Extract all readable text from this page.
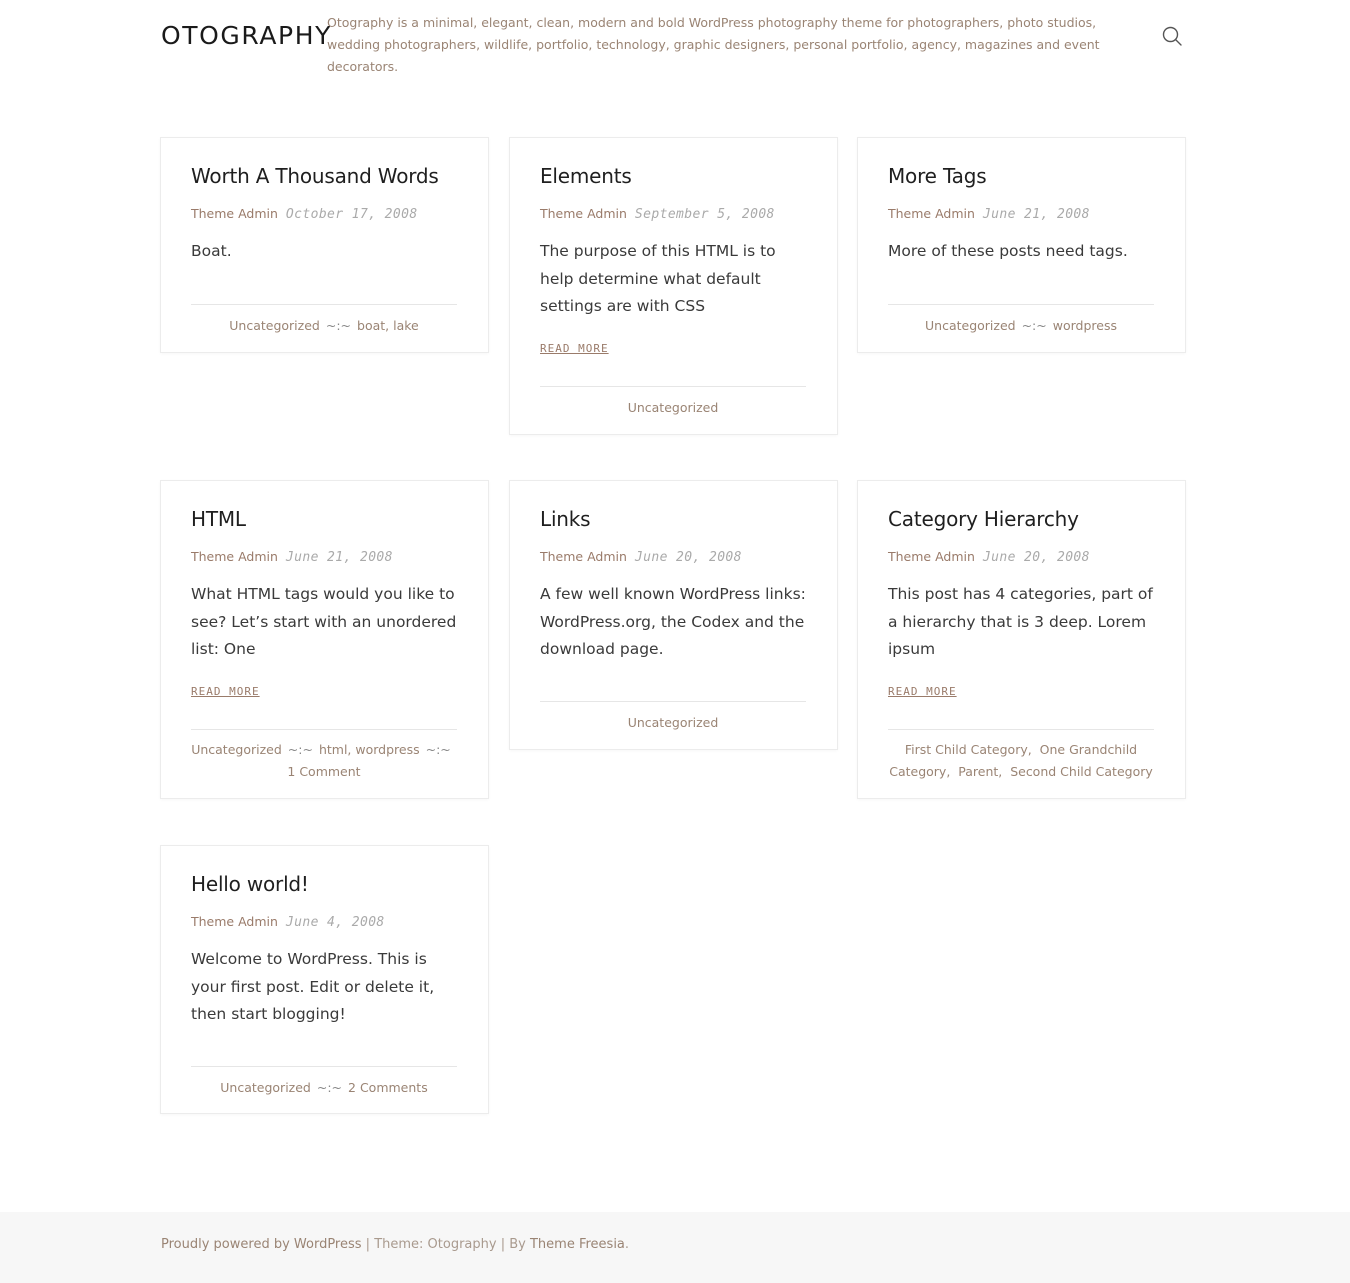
OTOGRAPHY
Otography is a minimal, elegant, clean, modern and bold WordPress photography theme for photographers, photo studios, wedding photographers, wildlife, portfolio, technology, graphic designers, personal portfolio, agency, magazines and event decorators.
Worth A Thousand Words
Theme Admin October 17, 2008

Boat.

Uncategorized ~:~ boat, lake
Elements
Theme Admin September 5, 2008

The purpose of this HTML is to help determine what default settings are with CSS

READ MORE
Uncategorized
More Tags
Theme Admin June 21, 2008

More of these posts need tags.

Uncategorized ~:~ wordpress
HTML
Theme Admin June 21, 2008

What HTML tags would you like to see? Let’s start with an unordered list: One

READ MORE
Uncategorized ~:~ html, wordpress ~:~
1 Comment
Links
Theme Admin June 20, 2008

A few well known WordPress links: WordPress.org, the Codex and the download page.

Uncategorized
Category Hierarchy
Theme Admin June 20, 2008

This post has 4 categories, part of a hierarchy that is 3 deep. Lorem ipsum

READ MORE
First Child Category,  One Grandchild Category,  Parent,  Second Child Category
Hello world!
Theme Admin June 4, 2008

Welcome to WordPress. This is your first post. Edit or delete it, then start blogging!

Uncategorized ~:~ 2 Comments
Proudly powered by WordPress | Theme: Otography | By Theme Freesia.
